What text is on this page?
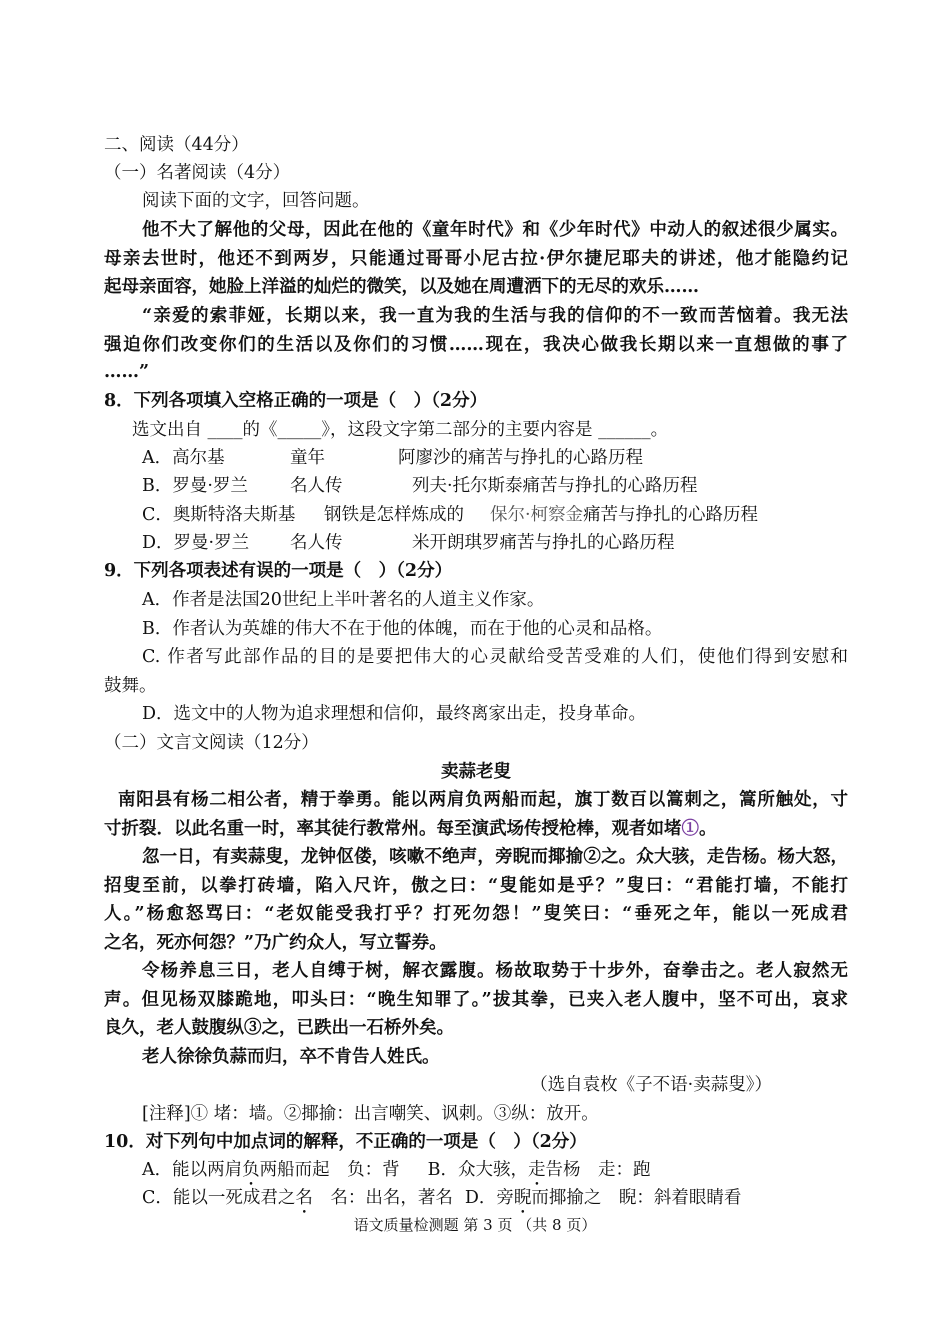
二、阅读（44分）
（一）名著阅读（4分）
阅读下面的文字，回答问题。
他不大了解他的父母，因此在他的《童年时代》和《少年时代》中动人的叙述很少属实。
母亲去世时，他还不到两岁，只能通过哥哥小尼古拉·伊尔捷尼耶夫的讲述，他才能隐约记
起母亲面容，她脸上洋溢的灿烂的微笑，以及她在周遭洒下的无尽的欢乐……
“亲爱的索菲娅，长期以来，我一直为我的生活与我的信仰的不一致而苦恼着。我无法
强迫你们改变你们的生活以及你们的习惯……现在，我决心做我长期以来一直想做的事了
……”
8．下列各项填入空格正确的一项是（　）（2分）
选文出自 ____的《_____》，这段文字第二部分的主要内容是 ______。
A．高尔基	童年	阿廖沙的痛苦与挣扎的心路历程
B．罗曼·罗兰 名人传	列夫·托尔斯泰痛苦与挣扎的心路历程
C．奥斯特洛夫斯基 钢铁是怎样炼成的 保尔·柯察金痛苦与挣扎的心路历程
D．罗曼·罗兰 名人传	米开朗琪罗痛苦与挣扎的心路历程
9．下列各项表述有误的一项是（　）（2分）
A．作者是法国20世纪上半叶著名的人道主义作家。
B．作者认为英雄的伟大不在于他的体魄，而在于他的心灵和品格。
C. 作者写此部作品的目的是要把伟大的心灵献给受苦受难的人们，使他们得到安慰和
鼓舞。
D．选文中的人物为追求理想和信仰，最终离家出走，投身革命。
（二）文言文阅读（12分）
卖蒜老叟
南阳县有杨二相公者，精于拳勇。能以两肩负两船而起，旗丁数百以篙刺之，篙所触处，寸
寸折裂．以此名重一时，率其徒行教常州。每至演武场传授枪棒，观者如堵①。
忽一日，有卖蒜叟，龙钟伛偻，咳嗽不绝声，旁睨而揶揄②之。众大骇，走告杨。杨大怒，
招叟至前，以拳打砖墙，陷入尺许，傲之曰：“叟能如是乎？”叟曰：“君能打墙，不能打
人。”杨愈怒骂曰：“老奴能受我打乎？打死勿怨！”叟笑曰：“垂死之年，能以一死成君
之名，死亦何怨？”乃广约众人，写立誓券。
令杨养息三日，老人自缚于树，解衣露腹。杨故取势于十步外，奋拳击之。老人寂然无
声。但见杨双膝跪地，叩头曰：“晚生知罪了。”拔其拳，已夹入老人腹中，坚不可出，哀求
良久，老人鼓腹纵③之，已跌出一石桥外矣。
老人徐徐负蒜而归，卒不肯告人姓氏。
（选自袁枚《子不语·卖蒜叟》）
[注释]① 堵：墙。②揶揄：出言嘲笑、讽刺。③纵：放开。
10．对下列句中加点词的解释，不正确的一项是（　）（2分）
A．能以两肩负两船而起　负：背 B．众大骇，走告杨　走：跑
C．能以一死成君之名　名：出名，著名 D．旁睨而揶揄之　睨：斜着眼睛看
语文质量检测题 第 3 页 （共 8 页）
